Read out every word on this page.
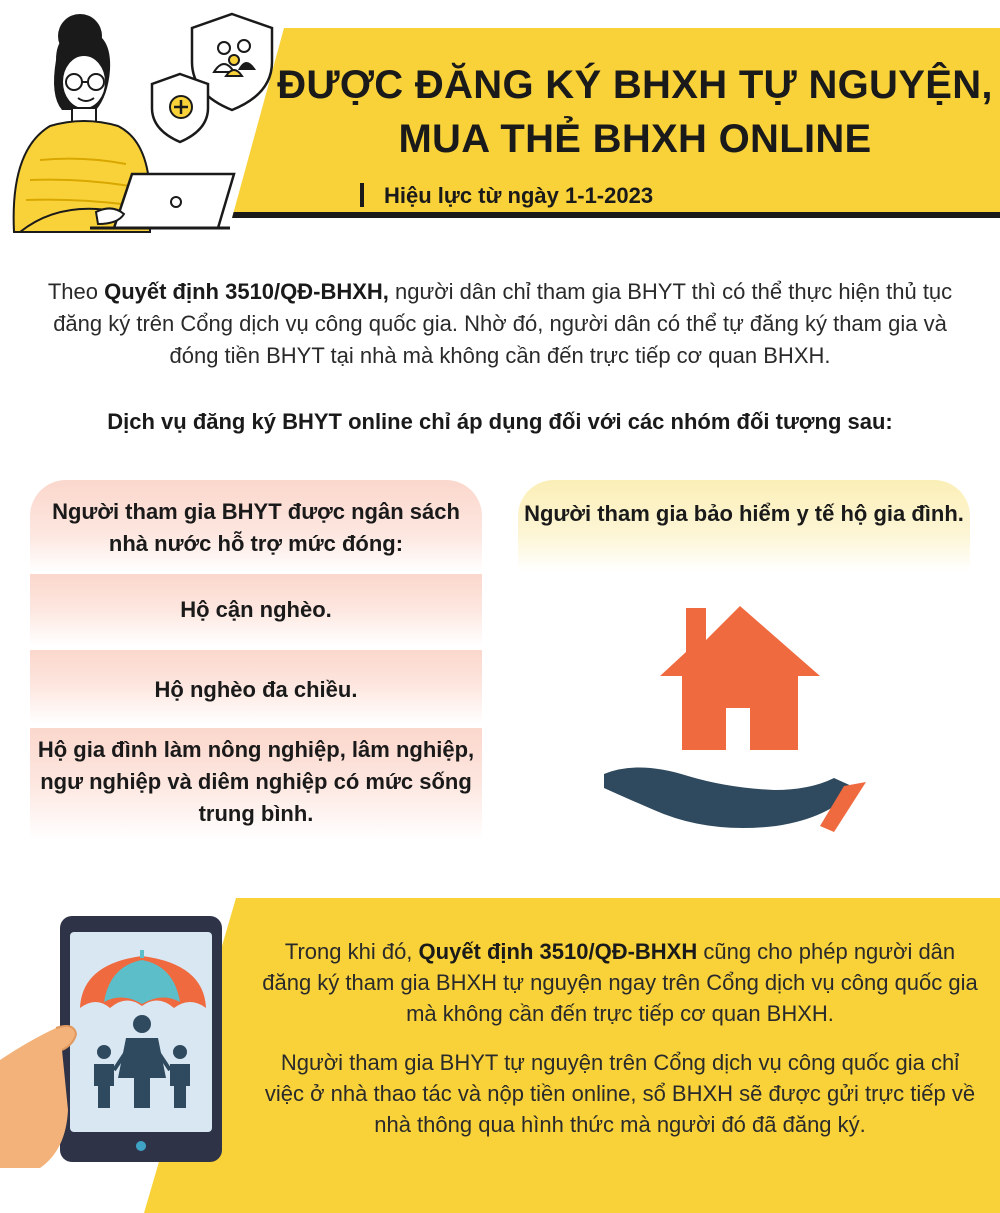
ĐƯỢC ĐĂNG KÝ BHXH TỰ NGUYỆN,
MUA THẺ BHXH ONLINE
Hiệu lực từ ngày 1-1-2023

Theo Quyết định 3510/QĐ-BHXH, người dân chỉ tham gia BHYT thì có thể thực hiện thủ tục đăng ký trên Cổng dịch vụ công quốc gia. Nhờ đó, người dân có thể tự đăng ký tham gia và đóng tiền BHYT tại nhà mà không cần đến trực tiếp cơ quan BHXH.

Dịch vụ đăng ký BHYT online chỉ áp dụng đối với các nhóm đối tượng sau:

Người tham gia BHYT được ngân sách nhà nước hỗ trợ mức đóng:
Hộ cận nghèo.
Hộ nghèo đa chiều.
Hộ gia đình làm nông nghiệp, lâm nghiệp, ngư nghiệp và diêm nghiệp có mức sống trung bình.
Người tham gia bảo hiểm y tế hộ gia đình.

Trong khi đó, Quyết định 3510/QĐ-BHXH cũng cho phép người dân đăng ký tham gia BHXH tự nguyện ngay trên Cổng dịch vụ công quốc gia mà không cần đến trực tiếp cơ quan BHXH.

Người tham gia BHYT tự nguyện trên Cổng dịch vụ công quốc gia chỉ việc ở nhà thao tác và nộp tiền online, sổ BHXH sẽ được gửi trực tiếp về nhà thông qua hình thức mà người đó đã đăng ký.
